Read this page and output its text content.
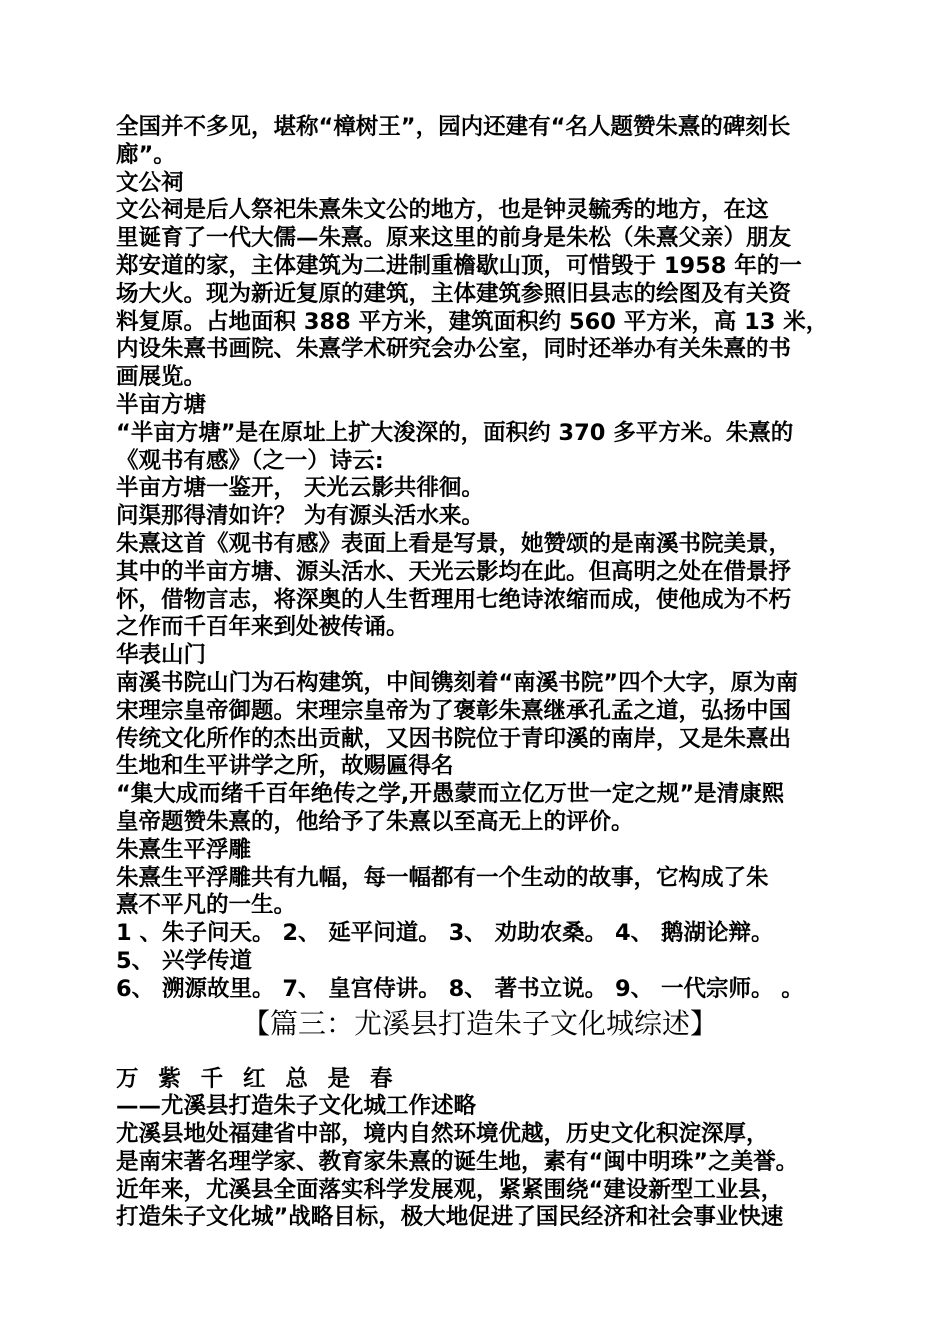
全国并不多见，堪称“樟树王”，园内还建有“名人题赞朱熹的碑刻长
廊”。
文公祠
文公祠是后人祭祀朱熹朱文公的地方，也是钟灵毓秀的地方，在这
里诞育了一代大儒—朱熹。原来这里的前身是朱松（朱熹父亲）朋友
郑安道的家，主体建筑为二进制重檐歇山顶，可惜毁于 1958 年的一
场大火。现为新近复原的建筑，主体建筑参照旧县志的绘图及有关资
料复原。占地面积 388 平方米，建筑面积约 560 平方米，高 13 米，
内设朱熹书画院、朱熹学术研究会办公室，同时还举办有关朱熹的书
画展览。
半亩方塘
“半亩方塘”是在原址上扩大浚深的，面积约 370 多平方米。朱熹的
《观书有感》（之一）诗云:
半亩方塘一鉴开， 天光云影共徘徊。
问渠那得清如许？ 为有源头活水来。
朱熹这首《观书有感》表面上看是写景，她赞颂的是南溪书院美景，
其中的半亩方塘、源头活水、天光云影均在此。但高明之处在借景抒
怀，借物言志，将深奥的人生哲理用七绝诗浓缩而成，使他成为不朽
之作而千百年来到处被传诵。
华表山门
南溪书院山门为石构建筑，中间镌刻着“南溪书院”四个大字，原为南
宋理宗皇帝御题。宋理宗皇帝为了褒彰朱熹继承孔孟之道，弘扬中国
传统文化所作的杰出贡献，又因书院位于青印溪的南岸，又是朱熹出
生地和生平讲学之所，故赐匾得名
“集大成而绪千百年绝传之学,开愚蒙而立亿万世一定之规”是清康熙
皇帝题赞朱熹的，他给予了朱熹以至高无上的评价。
朱熹生平浮雕
朱熹生平浮雕共有九幅，每一幅都有一个生动的故事，它构成了朱
熹不平凡的一生。
1 、朱子问天。 2、 延平问道。 3、 劝助农桑。 4、 鹅湖论辩。
5、 兴学传道
6、 溯源故里。 7、 皇宫侍讲。 8、 著书立说。 9、 一代宗师。 。
【篇三：尤溪县打造朱子文化城综述】
万 紫 千 红 总 是 春
——尤溪县打造朱子文化城工作述略
尤溪县地处福建省中部，境内自然环境优越，历史文化积淀深厚，
是南宋著名理学家、教育家朱熹的诞生地，素有“闽中明珠”之美誉。
近年来，尤溪县全面落实科学发展观，紧紧围绕“建设新型工业县，
打造朱子文化城”战略目标，极大地促进了国民经济和社会事业快速
